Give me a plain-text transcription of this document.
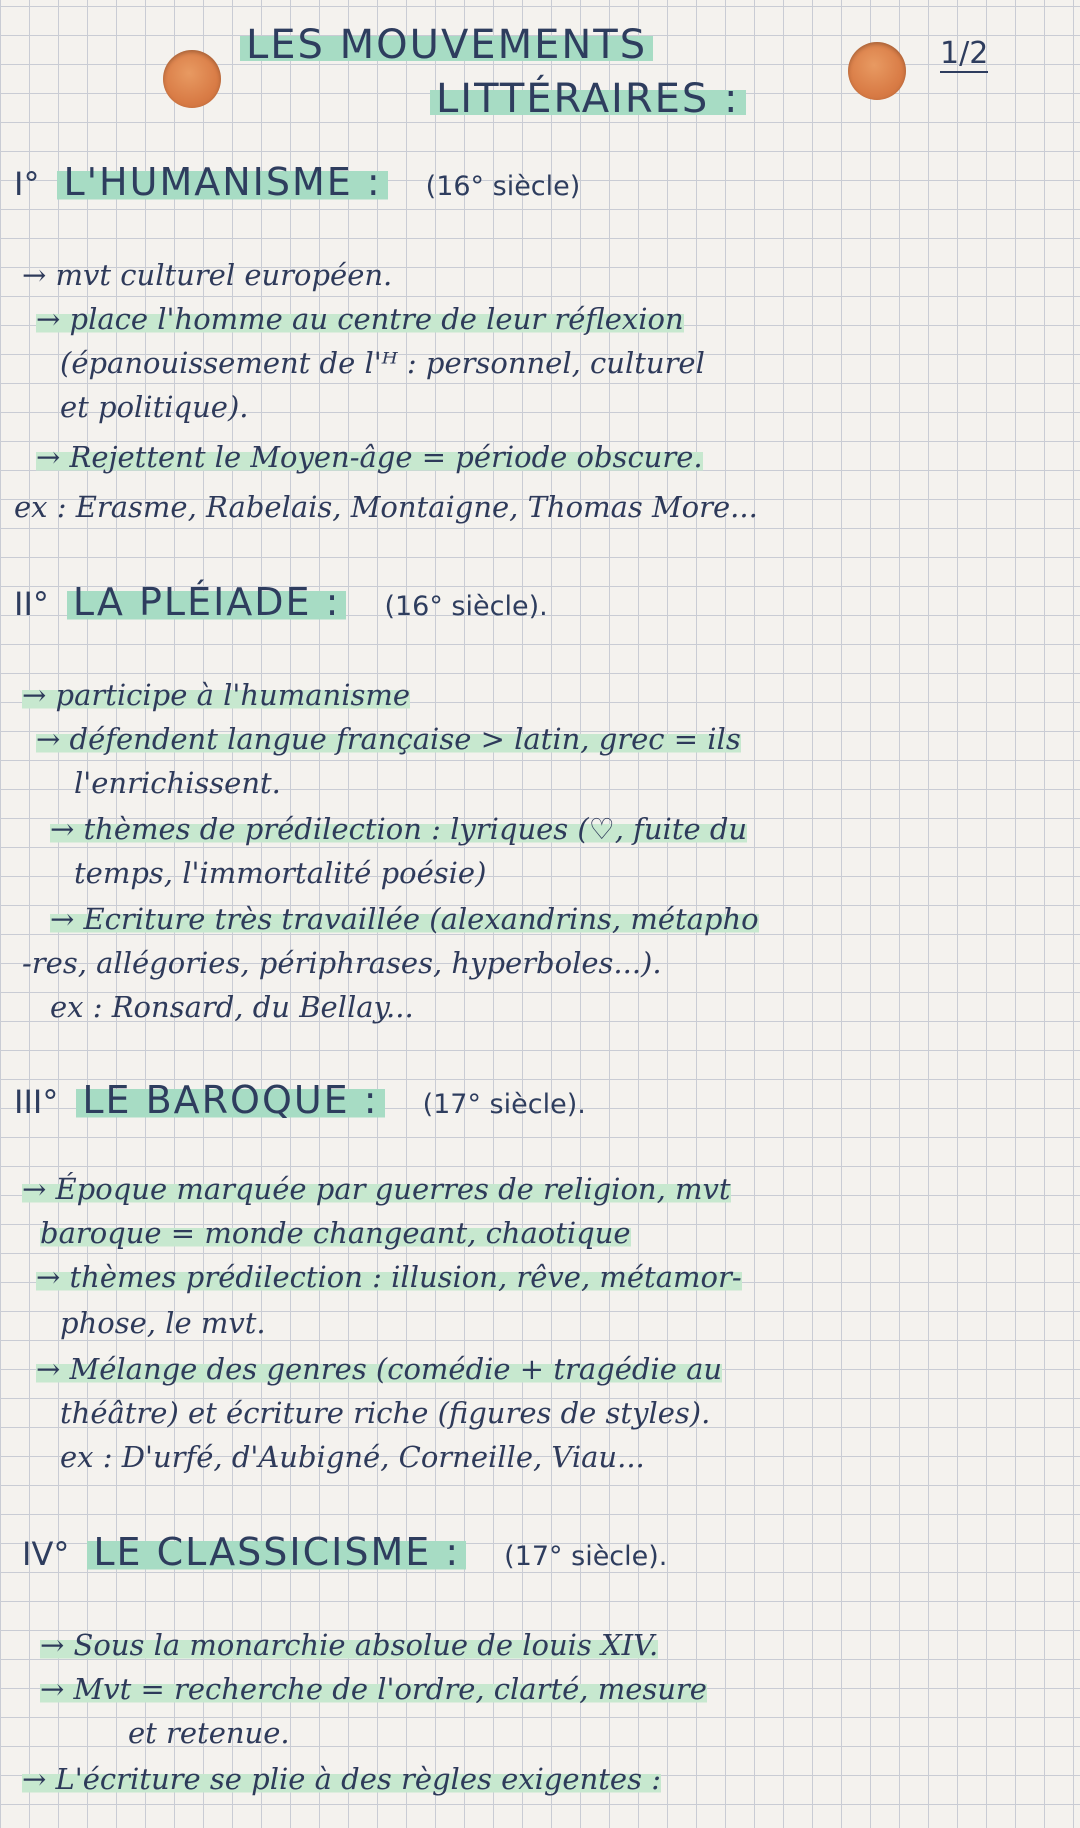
LES MOUVEMENTS
LITTÉRAIRES :
1/2
I° L'HUMANISME : (16° siècle)
→ mvt culturel européen.
→ place l'homme au centre de leur réflexion
(épanouissement de l'ᴴ : personnel, culturel
et politique).
→ Rejettent le Moyen-âge = période obscure.
ex : Erasme, Rabelais, Montaigne, Thomas More...
II° LA PLÉIADE : (16° siècle).
→ participe à l'humanisme
→ défendent langue française > latin, grec = ils
l'enrichissent.
→ thèmes de prédilection : lyriques (♡, fuite du
temps, l'immortalité poésie)
→ Ecriture très travaillée (alexandrins, métapho
-res, allégories, périphrases, hyperboles...).
ex : Ronsard, du Bellay...
III° LE BAROQUE : (17° siècle).
→ Époque marquée par guerres de religion, mvt
baroque = monde changeant, chaotique
→ thèmes prédilection : illusion, rêve, métamor-
phose, le mvt.
→ Mélange des genres (comédie + tragédie au
théâtre) et écriture riche (figures de styles).
ex : D'urfé, d'Aubigné, Corneille, Viau...
IV° LE CLASSICISME : (17° siècle).
→ Sous la monarchie absolue de louis XIV.
→ Mvt = recherche de l'ordre, clarté, mesure
et retenue.
→ L'écriture se plie à des règles exigentes :
